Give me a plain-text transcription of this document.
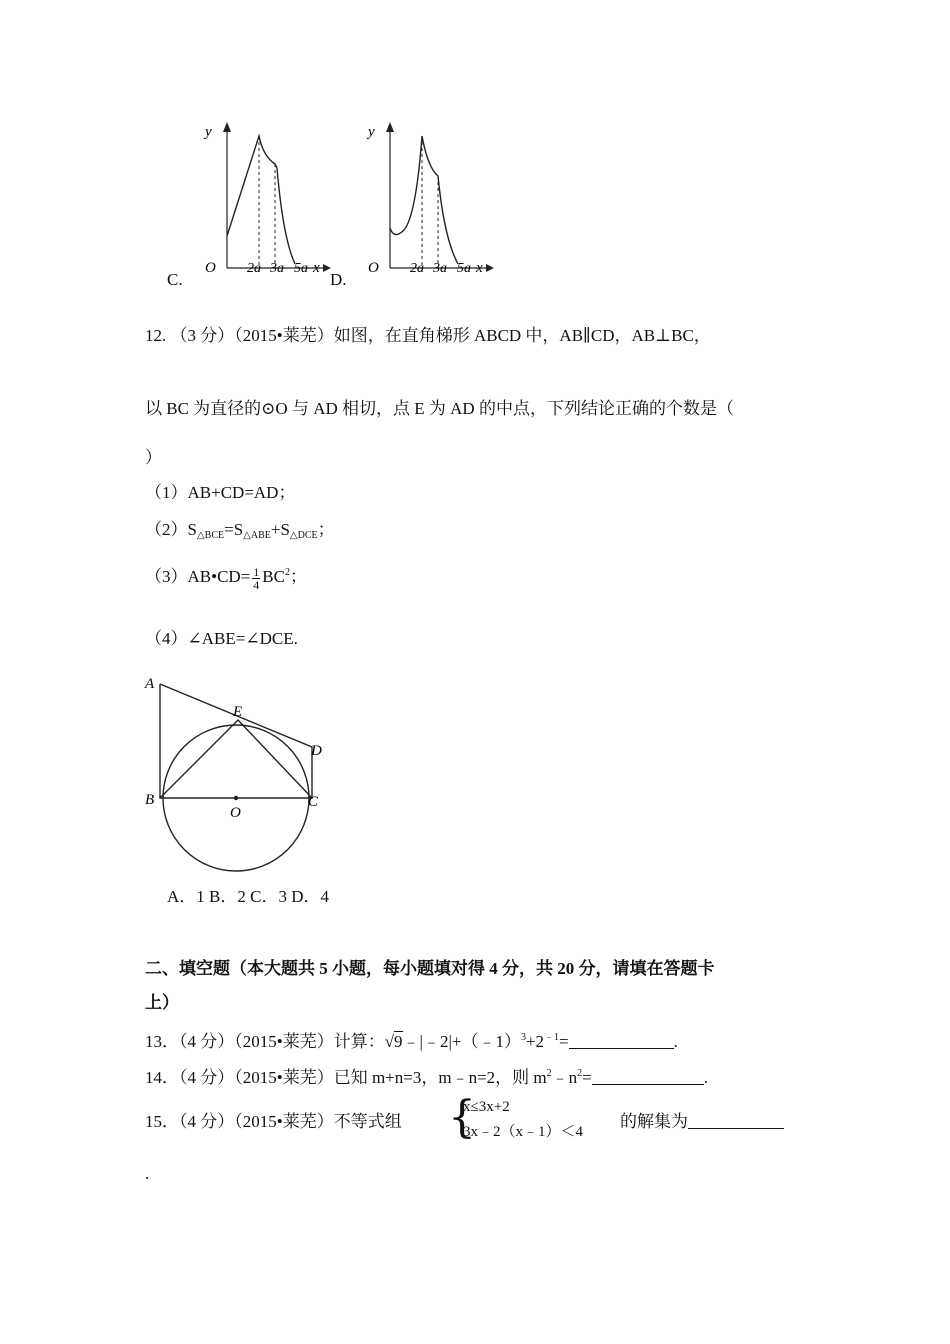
y
O 2a 3a 5a x
C.
y
O 2a 3a 5a x
D.
12. （3 分）（2015•莱芜）如图，在直角梯形 ABCD 中，AB∥CD，AB⊥BC，
以 BC 为直径的⊙O 与 AD 相切，点 E 为 AD 的中点，下列结论正确的个数是（
）
（1）AB+CD=AD；
$(2)S_{\triangle BCE}=S_{\triangle ABE}+S_{\triangle DCE}$；
（3）AB•CD= $\frac{1}{4} BC^2$；
（4）∠ABE=∠DCE.
A
B	C
D
E
O
A．1 B．2 C．3 D．4
二、填空题（本大题共 5 小题，每小题填对得 4 分，共 20 分，请填在答题卡
上）
13．（4 分）（2015•莱芜）计算：$√9﹣|﹣2|+(﹣1)^3+2^{﹣1}=$	.
14．（4 分）（2015•莱芜）已知 m+n=3，m﹣n=2，则 $m^2﹣n^2=$	.
15．（4 分）（2015•莱芜）不等式组 {
x≤3x+2
3x﹣2（x﹣1）＜4
的解集为
.
